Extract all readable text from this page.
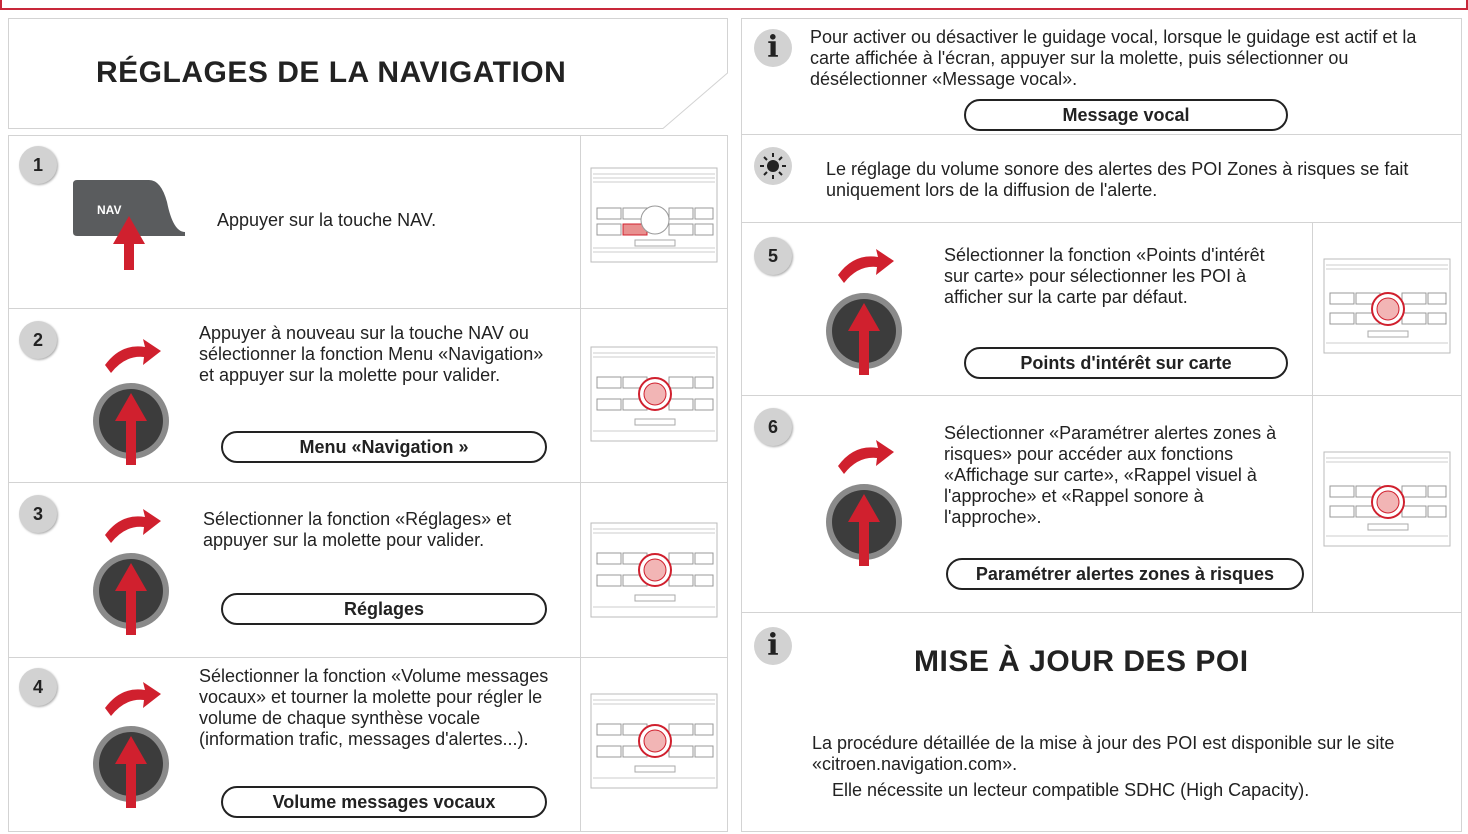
RÉGLAGES DE LA NAVIGATION
1
NAV	Appuyer sur la touche NAV.
2	Appuyer à nouveau sur la touche NAV ou sélectionner la fonction Menu «Navigation» et appuyer sur la molette pour valider.
Menu «Navigation »
3	Sélectionner la fonction «Réglages» et appuyer sur la molette pour valider.
Réglages
4
Sélectionner la fonction «Volume messages vocaux» et tourner la molette pour régler le volume de chaque synthèse vocale (information trafic, messages d'alertes...).
Volume messages vocaux
i	Pour activer ou désactiver le guidage vocal, lorsque le guidage est actif et la carte affichée à l'écran, appuyer sur la molette, puis sélectionner ou désélectionner «Message vocal».
Message vocal
Le réglage du volume sonore des alertes des POI Zones à risques se fait uniquement lors de la diffusion de l'alerte.
5	Sélectionner la fonction «Points d'intérêt sur carte» pour sélectionner les POI à afficher sur la carte par défaut.
Points d'intérêt sur carte
6	Sélectionner «Paramétrer alertes zones à risques» pour accéder aux fonctions «Affichage sur carte», «Rappel visuel à l'approche» et «Rappel sonore à l'approche».
Paramétrer alertes zones à risques
i	MISE À JOUR DES POI
La procédure détaillée de la mise à jour des POI est disponible sur le site «citroen.navigation.com».
Elle nécessite un lecteur compatible SDHC (High Capacity).
